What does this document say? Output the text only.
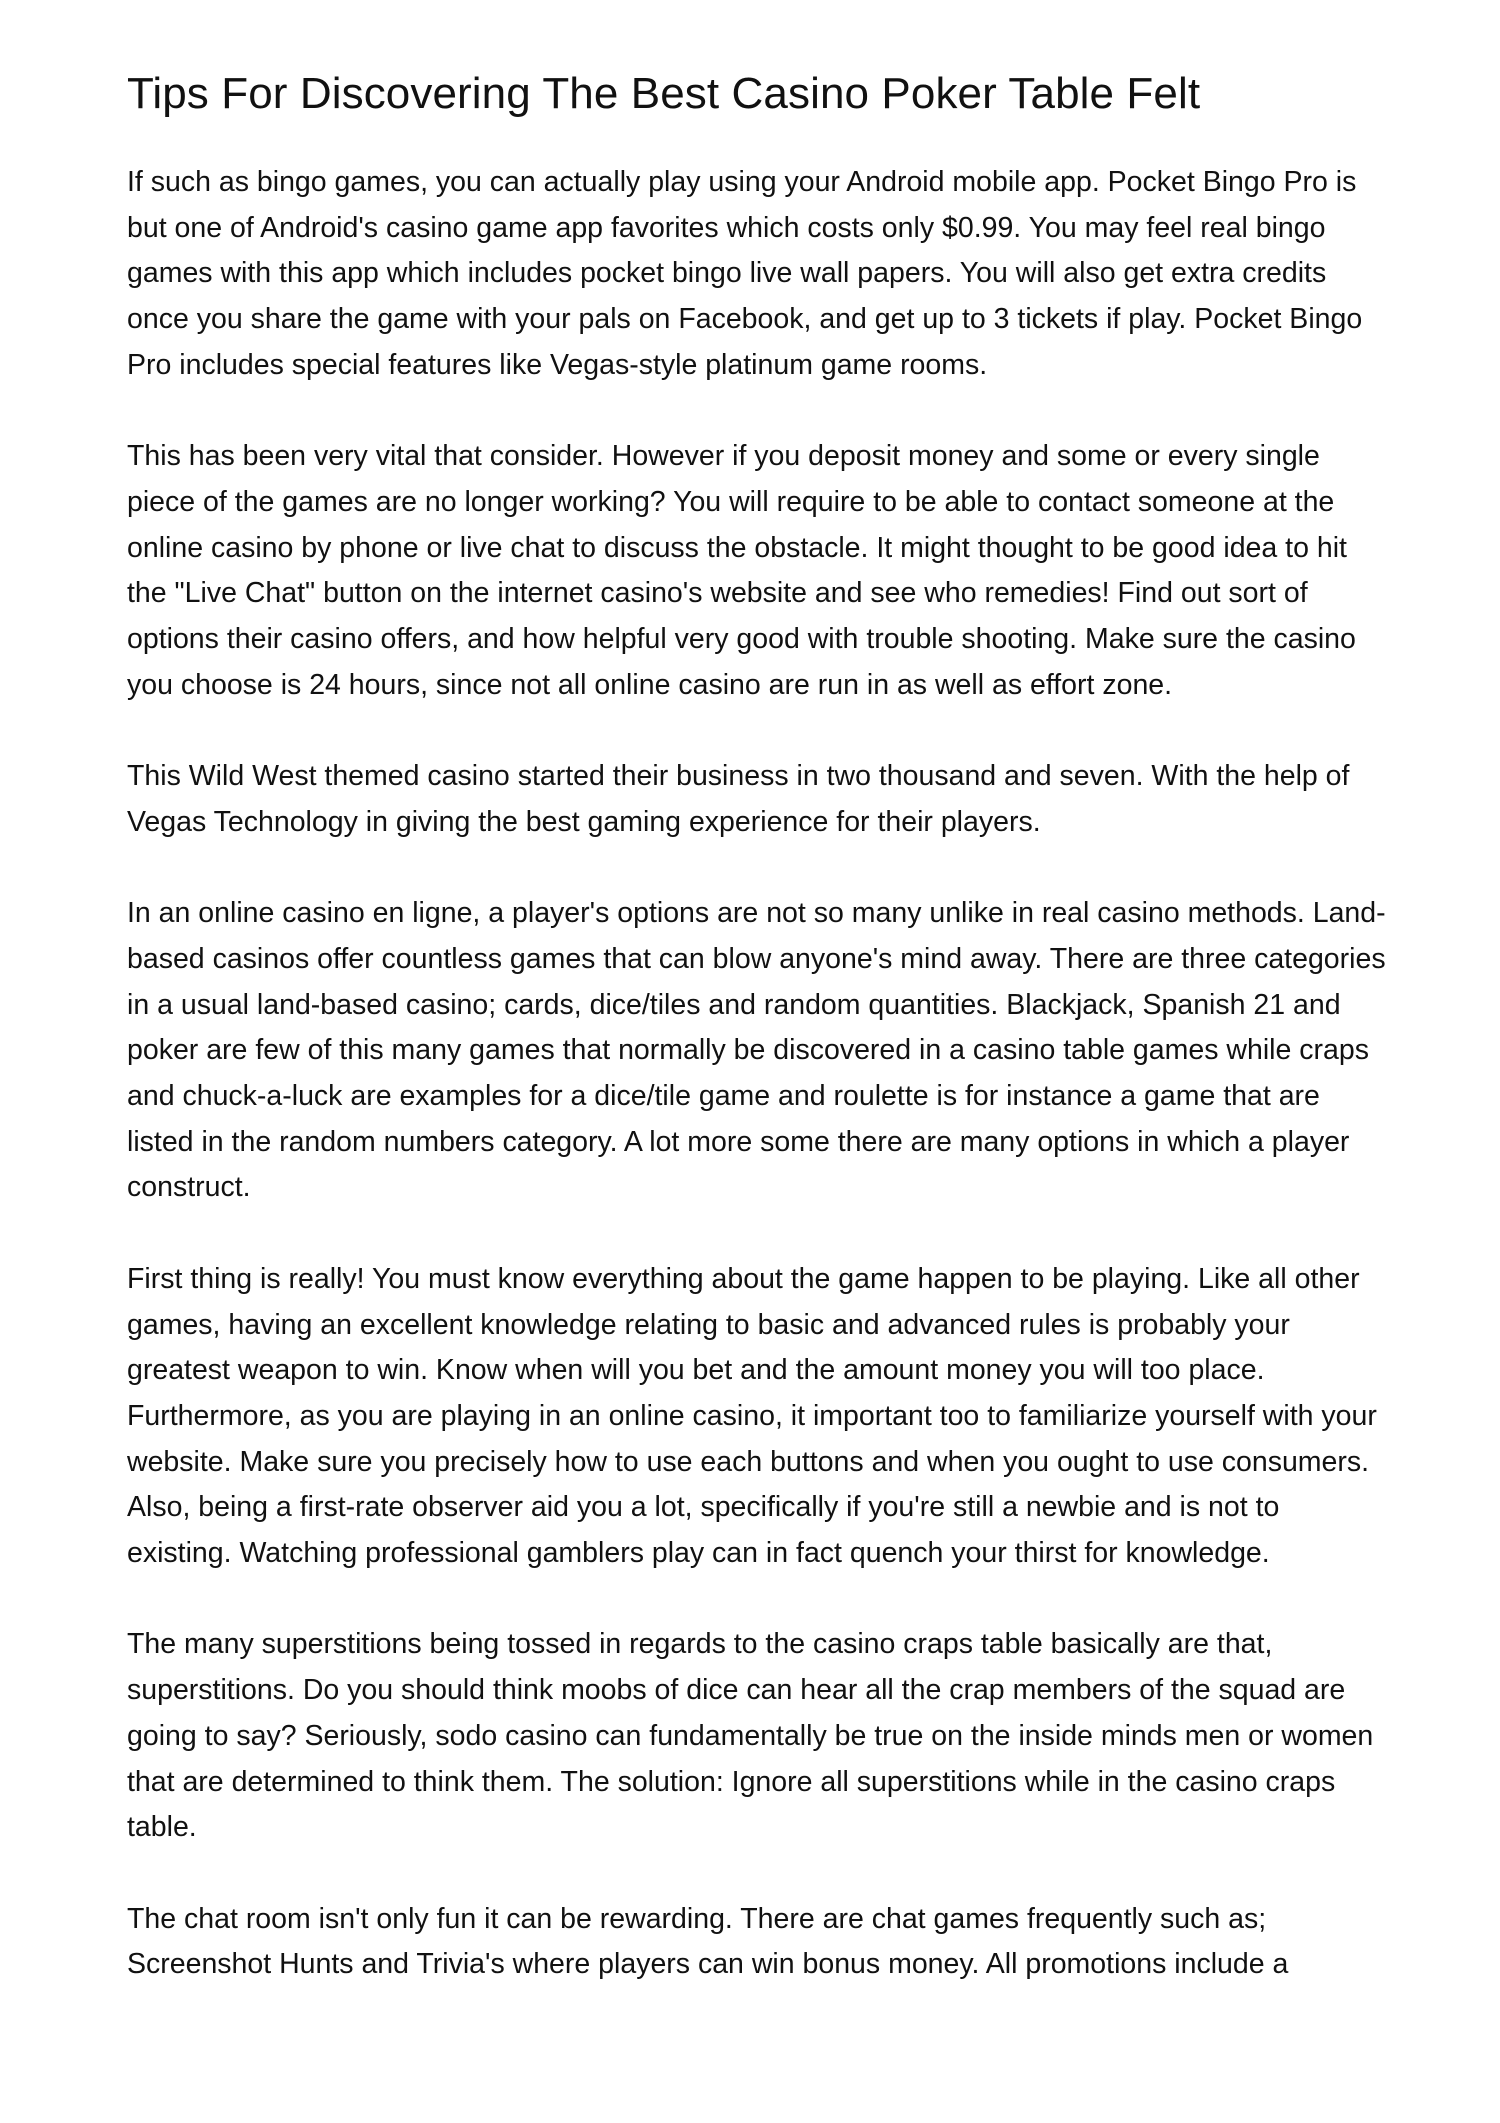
Tips For Discovering The Best Casino Poker Table Felt

If such as bingo games, you can actually play using your Android mobile app. Pocket Bingo Pro is but one of Android's casino game app favorites which costs only $0.99. You may feel real bingo games with this app which includes pocket bingo live wall papers. You will also get extra credits once you share the game with your pals on Facebook, and get up to 3 tickets if play. Pocket Bingo Pro includes special features like Vegas-style platinum game rooms.

This has been very vital that consider. However if you deposit money and some or every single piece of the games are no longer working? You will require to be able to contact someone at the online casino by phone or live chat to discuss the obstacle. It might thought to be good idea to hit the "Live Chat" button on the internet casino's website and see who remedies! Find out sort of options their casino offers, and how helpful very good with trouble shooting. Make sure the casino you choose is 24 hours, since not all online casino are run in as well as effort zone.

This Wild West themed casino started their business in two thousand and seven. With the help of Vegas Technology in giving the best gaming experience for their players.

In an online casino en ligne, a player's options are not so many unlike in real casino methods. Land-based casinos offer countless games that can blow anyone's mind away. There are three categories in a usual land-based casino; cards, dice/tiles and random quantities. Blackjack, Spanish 21 and poker are few of this many games that normally be discovered in a casino table games while craps and chuck-a-luck are examples for a dice/tile game and roulette is for instance a game that are listed in the random numbers category. A lot more some there are many options in which a player construct.

First thing is really! You must know everything about the game happen to be playing. Like all other games, having an excellent knowledge relating to basic and advanced rules is probably your greatest weapon to win. Know when will you bet and the amount money you will too place. Furthermore, as you are playing in an online casino, it important too to familiarize yourself with your website. Make sure you precisely how to use each buttons and when you ought to use consumers. Also, being a first-rate observer aid you a lot, specifically if you're still a newbie and is not to existing. Watching professional gamblers play can in fact quench your thirst for knowledge.

The many superstitions being tossed in regards to the casino craps table basically are that, superstitions. Do you should think moobs of dice can hear all the crap members of the squad are going to say? Seriously, sodo casino can fundamentally be true on the inside minds men or women that are determined to think them. The solution: Ignore all superstitions while in the casino craps table.

The chat room isn't only fun it can be rewarding. There are chat games frequently such as; Screenshot Hunts and Trivia's where players can win bonus money. All promotions include a
